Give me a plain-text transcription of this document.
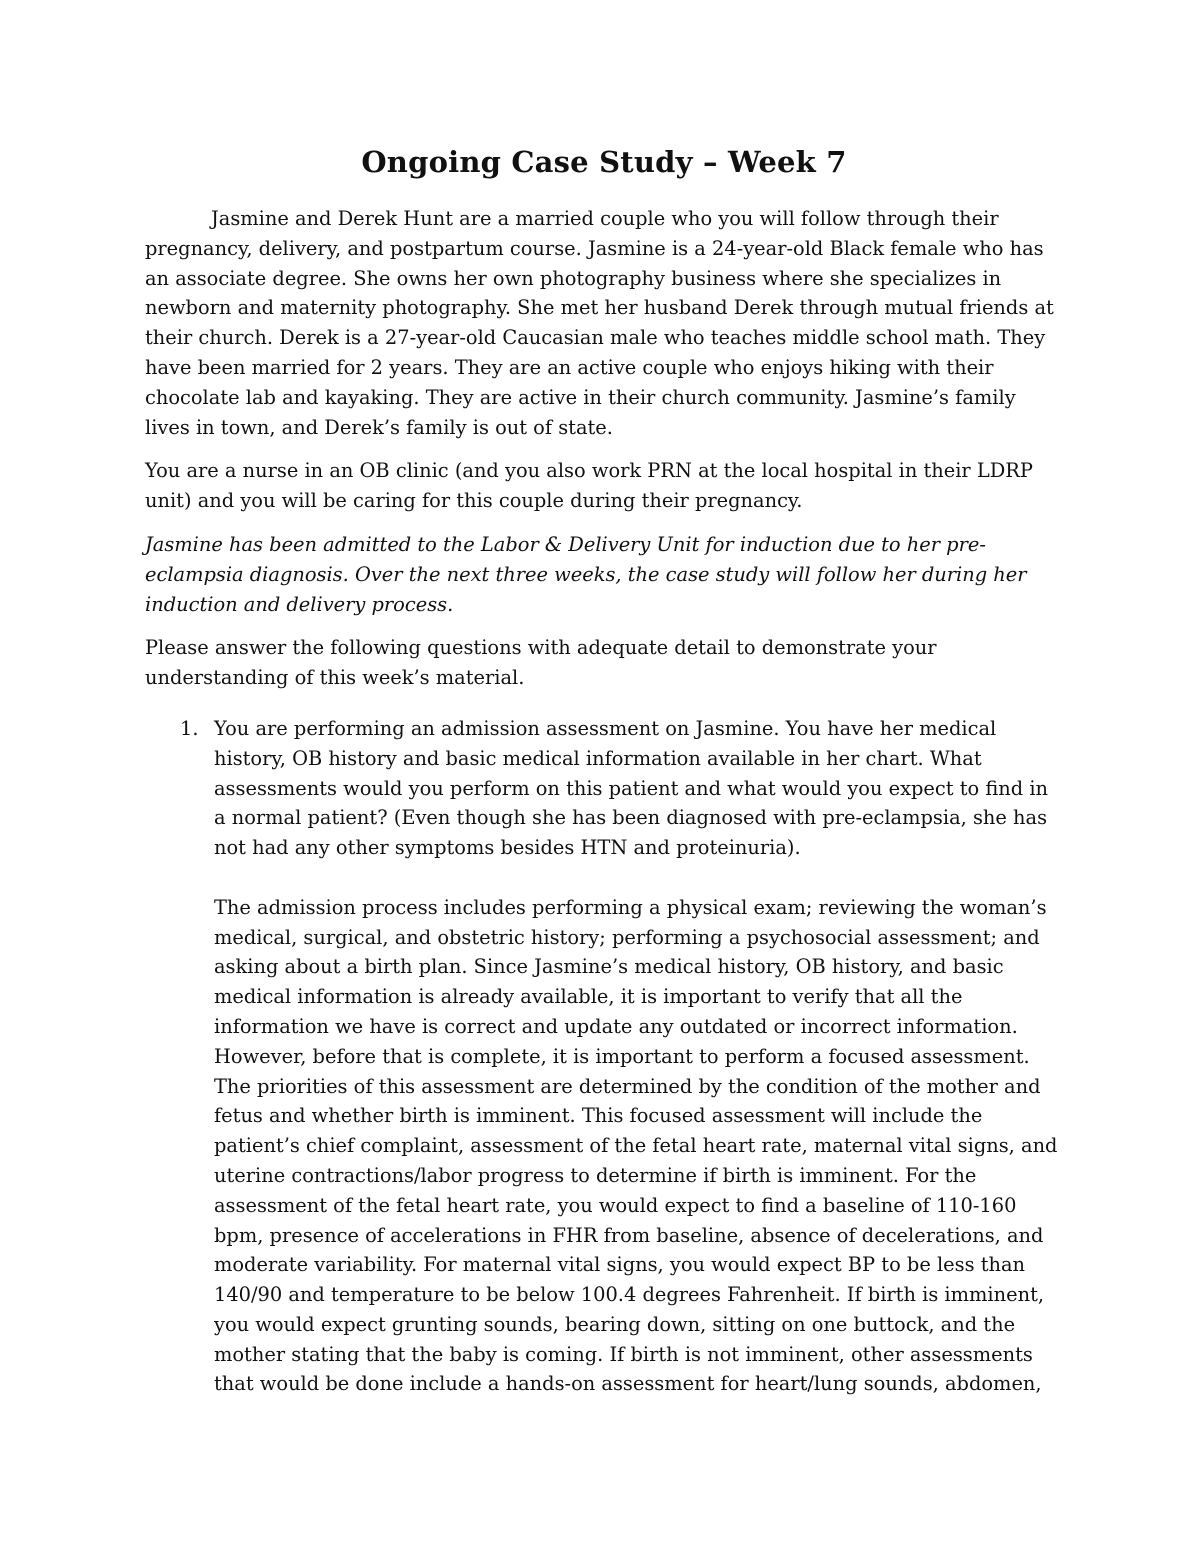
Ongoing Case Study – Week 7

Jasmine and Derek Hunt are a married couple who you will follow through their pregnancy, delivery, and postpartum course. Jasmine is a 24-year-old Black female who has an associate degree. She owns her own photography business where she specializes in newborn and maternity photography. She met her husband Derek through mutual friends at their church. Derek is a 27-year-old Caucasian male who teaches middle school math. They have been married for 2 years. They are an active couple who enjoys hiking with their chocolate lab and kayaking. They are active in their church community. Jasmine’s family lives in town, and Derek’s family is out of state.

You are a nurse in an OB clinic (and you also work PRN at the local hospital in their LDRP unit) and you will be caring for this couple during their pregnancy.

Jasmine has been admitted to the Labor & Delivery Unit for induction due to her pre-eclampsia diagnosis. Over the next three weeks, the case study will follow her during her induction and delivery process.

Please answer the following questions with adequate detail to demonstrate your understanding of this week’s material.

1. You are performing an admission assessment on Jasmine. You have her medical history, OB history and basic medical information available in her chart. What assessments would you perform on this patient and what would you expect to find in a normal patient? (Even though she has been diagnosed with pre-eclampsia, she has not had any other symptoms besides HTN and proteinuria).

The admission process includes performing a physical exam; reviewing the woman’s medical, surgical, and obstetric history; performing a psychosocial assessment; and asking about a birth plan. Since Jasmine’s medical history, OB history, and basic medical information is already available, it is important to verify that all the information we have is correct and update any outdated or incorrect information. However, before that is complete, it is important to perform a focused assessment. The priorities of this assessment are determined by the condition of the mother and fetus and whether birth is imminent. This focused assessment will include the patient’s chief complaint, assessment of the fetal heart rate, maternal vital signs, and uterine contractions/labor progress to determine if birth is imminent. For the assessment of the fetal heart rate, you would expect to find a baseline of 110-160 bpm, presence of accelerations in FHR from baseline, absence of decelerations, and moderate variability. For maternal vital signs, you would expect BP to be less than 140/90 and temperature to be below 100.4 degrees Fahrenheit. If birth is imminent, you would expect grunting sounds, bearing down, sitting on one buttock, and the mother stating that the baby is coming. If birth is not imminent, other assessments that would be done include a hands-on assessment for heart/lung sounds, abdomen,
